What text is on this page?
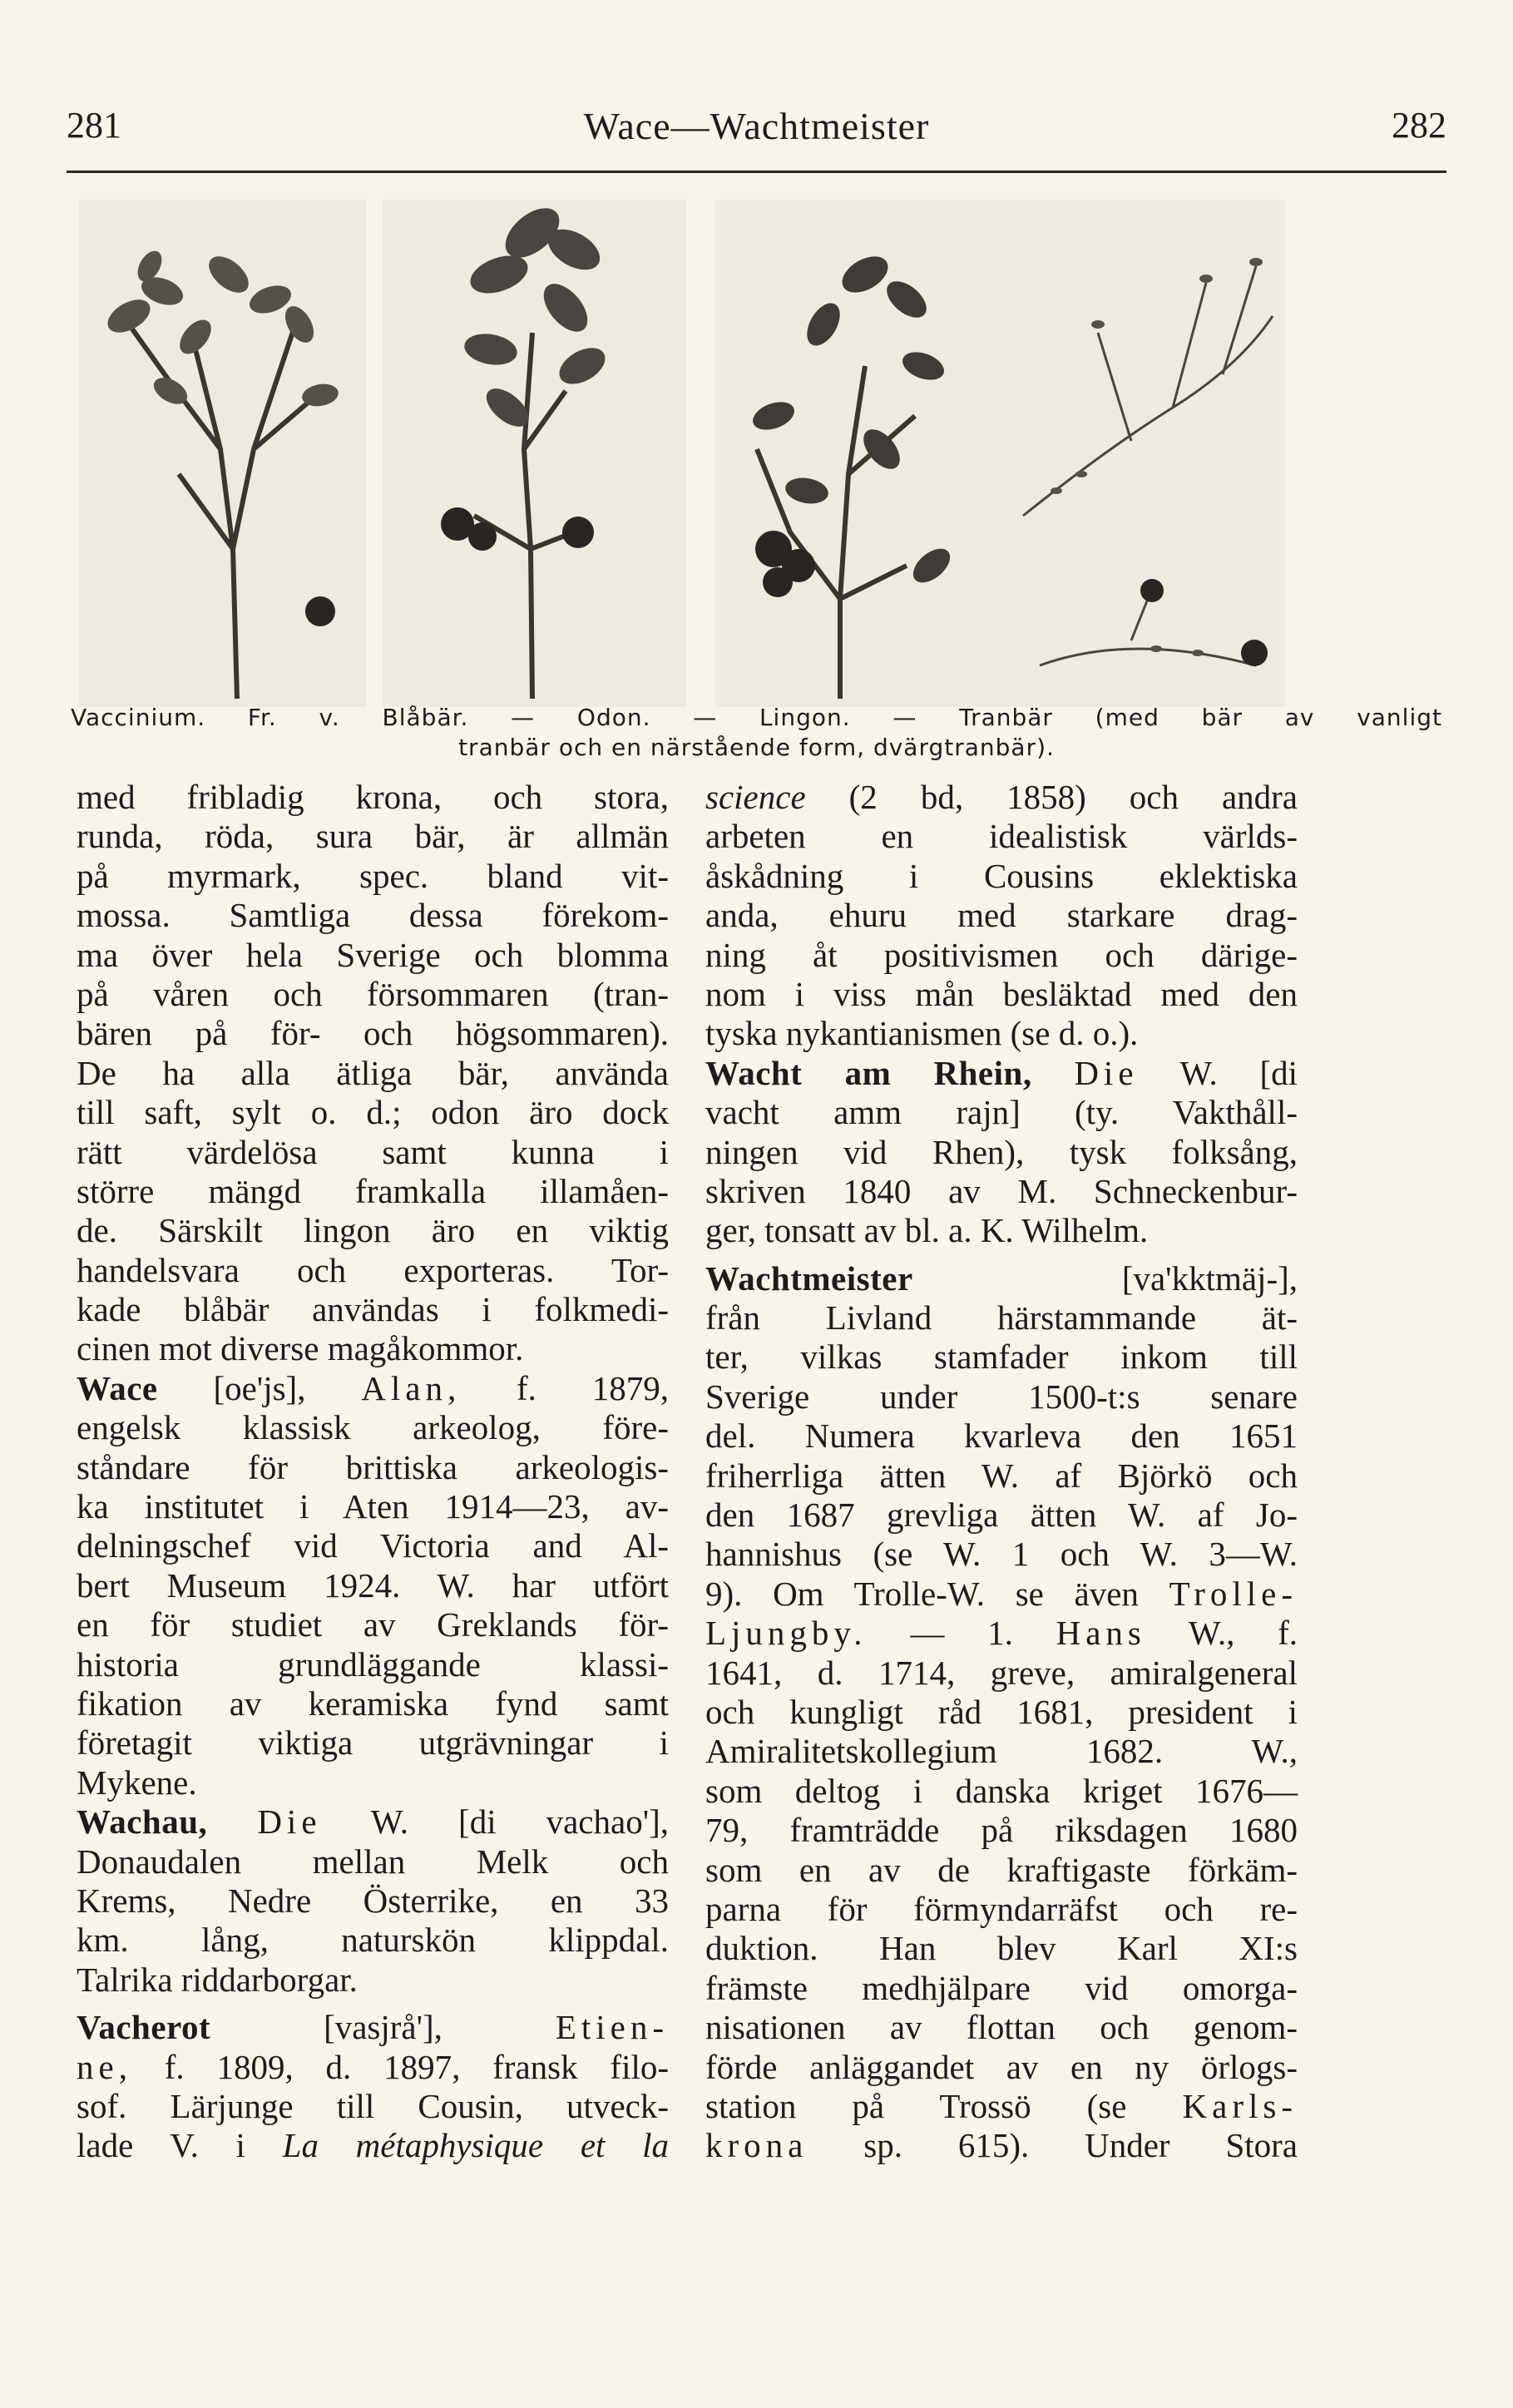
281	Wace—Wachtmeister	282
Vaccinium. Fr. v. Blåbär. — Odon. — Lingon. — Tranbär (med bär av vanligt
tranbär och en närstående form, dvärgtranbär).
med fribladig krona, och stora,
runda, röda, sura bär, är allmän
på myrmark, spec. bland vit-
mossa. Samtliga dessa förekom-
ma över hela Sverige och blomma
på våren och försommaren (tran-
bären på för- och högsommaren).
De ha alla ätliga bär, använda
till saft, sylt o. d.; odon äro dock
rätt värdelösa samt kunna i
större mängd framkalla illamåen-
de. Särskilt lingon äro en viktig
handelsvara och exporteras. Tor-
kade blåbär användas i folkmedi-
cinen mot diverse magåkommor.
Wace [oe'js], Alan, f. 1879,
engelsk klassisk arkeolog, före-
ståndare för brittiska arkeologis-
ka institutet i Aten 1914—23, av-
delningschef vid Victoria and Al-
bert Museum 1924. W. har utfört
en för studiet av Greklands för-
historia grundläggande klassi-
fikation av keramiska fynd samt
företagit viktiga utgrävningar i
Mykene.
Wachau, Die W. [di vachao'],
Donaudalen mellan Melk och
Krems, Nedre Österrike, en 33
km. lång, naturskön klippdal.
Talrika riddarborgar.
Vacherot	[vasjrå'],	Etien-
ne, f. 1809, d. 1897, fransk filo-
sof. Lärjunge till Cousin, utveck-
lade V. i La métaphysique et la
science (2 bd, 1858) och andra
arbeten en idealistisk världs-
åskådning i Cousins eklektiska
anda, ehuru med starkare drag-
ning åt positivismen och därige-
nom i viss mån besläktad med den
tyska nykantianismen (se d. o.).
Wacht am Rhein, Die W. [di
vacht amm rajn] (ty. Vakthåll-
ningen vid Rhen), tysk folksång,
skriven 1840 av M. Schneckenbur-
ger, tonsatt av bl. a. K. Wilhelm.
Wachtmeister	[va'kktmäj-],
från Livland härstammande ät-
ter, vilkas stamfader inkom till
Sverige under 1500-t:s senare
del. Numera kvarleva den 1651
friherrliga ätten W. af Björkö och
den 1687 grevliga ätten W. af Jo-
hannishus (se W. 1 och W. 3—W.
9). Om Trolle-W. se även Trolle-
Ljungby. — 1. Hans W., f.
1641, d. 1714, greve, amiralgeneral
och kungligt råd 1681, president i
Amiralitetskollegium 1682. W.,
som deltog i danska kriget 1676—
79, framträdde på riksdagen 1680
som en av de kraftigaste förkäm-
parna för förmyndarräfst och re-
duktion. Han blev Karl XI:s
främste medhjälpare vid omorga-
nisationen av flottan och genom-
förde anläggandet av en ny örlogs-
station på Trossö (se Karls-
krona sp. 615). Under Stora
